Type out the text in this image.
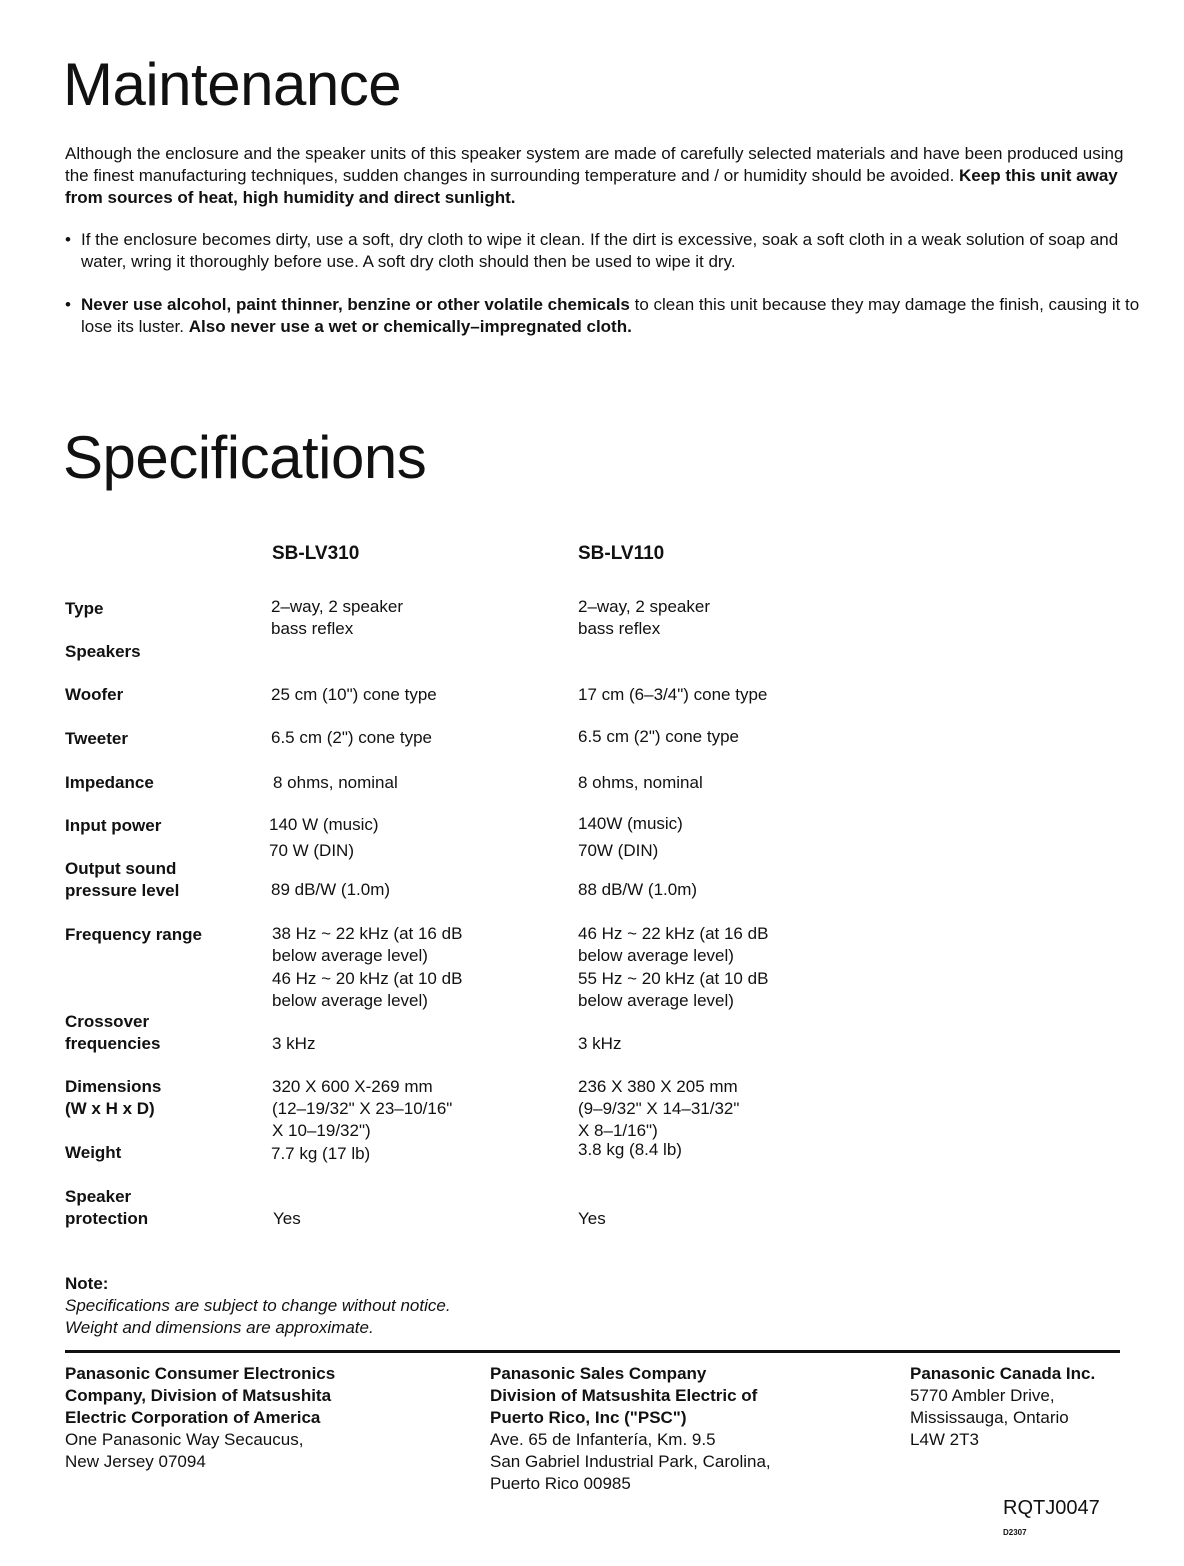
Maintenance
Although the enclosure and the speaker units of this speaker system are made of carefully selected materials and have been produced using the finest manufacturing techniques, sudden changes in surrounding temperature and / or humidity should be avoided. Keep this unit away from sources of heat, high humidity and direct sunlight.
• If the enclosure becomes dirty, use a soft, dry cloth to wipe it clean. If the dirt is excessive, soak a soft cloth in a weak solution of soap and water, wring it thoroughly before use. A soft dry cloth should then be used to wipe it dry.
• Never use alcohol, paint thinner, benzine or other volatile chemicals to clean this unit because they may damage the finish, causing it to lose its luster. Also never use a wet or chemically–impregnated cloth.
Specifications
SB-LV310	SB-LV110
Type
Speakers
Woofer
Tweeter
Impedance
Input power
Output sound
pressure level
Frequency range
Crossover
frequencies
Dimensions
(W x H x D)
Weight
Speaker
protection
2–way, 2 speaker
bass reflex
25 cm (10") cone type
6.5 cm (2") cone type
8 ohms, nominal
140 W (music)
70 W (DIN)
89 dB/W (1.0m)
38 Hz ~ 22 kHz (at 16 dB
below average level)
46 Hz ~ 20 kHz (at 10 dB
below average level)
3 kHz
320 X 600 X-269 mm
(12–19/32" X 23–10/16"
X 10–19/32")
7.7 kg (17 lb)
Yes
2–way, 2 speaker
bass reflex
17 cm (6–3/4") cone type
6.5 cm (2") cone type
8 ohms, nominal
140W (music)
70W (DIN)
88 dB/W (1.0m)
46 Hz ~ 22 kHz (at 16 dB
below average level)
55 Hz ~ 20 kHz (at 10 dB
below average level)
3 kHz
236 X 380 X 205 mm
(9–9/32" X 14–31/32"
X 8–1/16")
3.8 kg (8.4 lb)
Yes
Note:
Specifications are subject to change without notice.
Weight and dimensions are approximate.
Panasonic Consumer Electronics
Company, Division of Matsushita
Electric Corporation of America
One Panasonic Way Secaucus,
New Jersey 07094
Panasonic Sales Company
Division of Matsushita Electric of
Puerto Rico, Inc ("PSC")
Ave. 65 de Infantería, Km. 9.5
San Gabriel Industrial Park, Carolina,
Puerto Rico 00985
Panasonic Canada Inc.
5770 Ambler Drive,
Mississauga, Ontario
L4W 2T3
RQTJ0047
D2307
